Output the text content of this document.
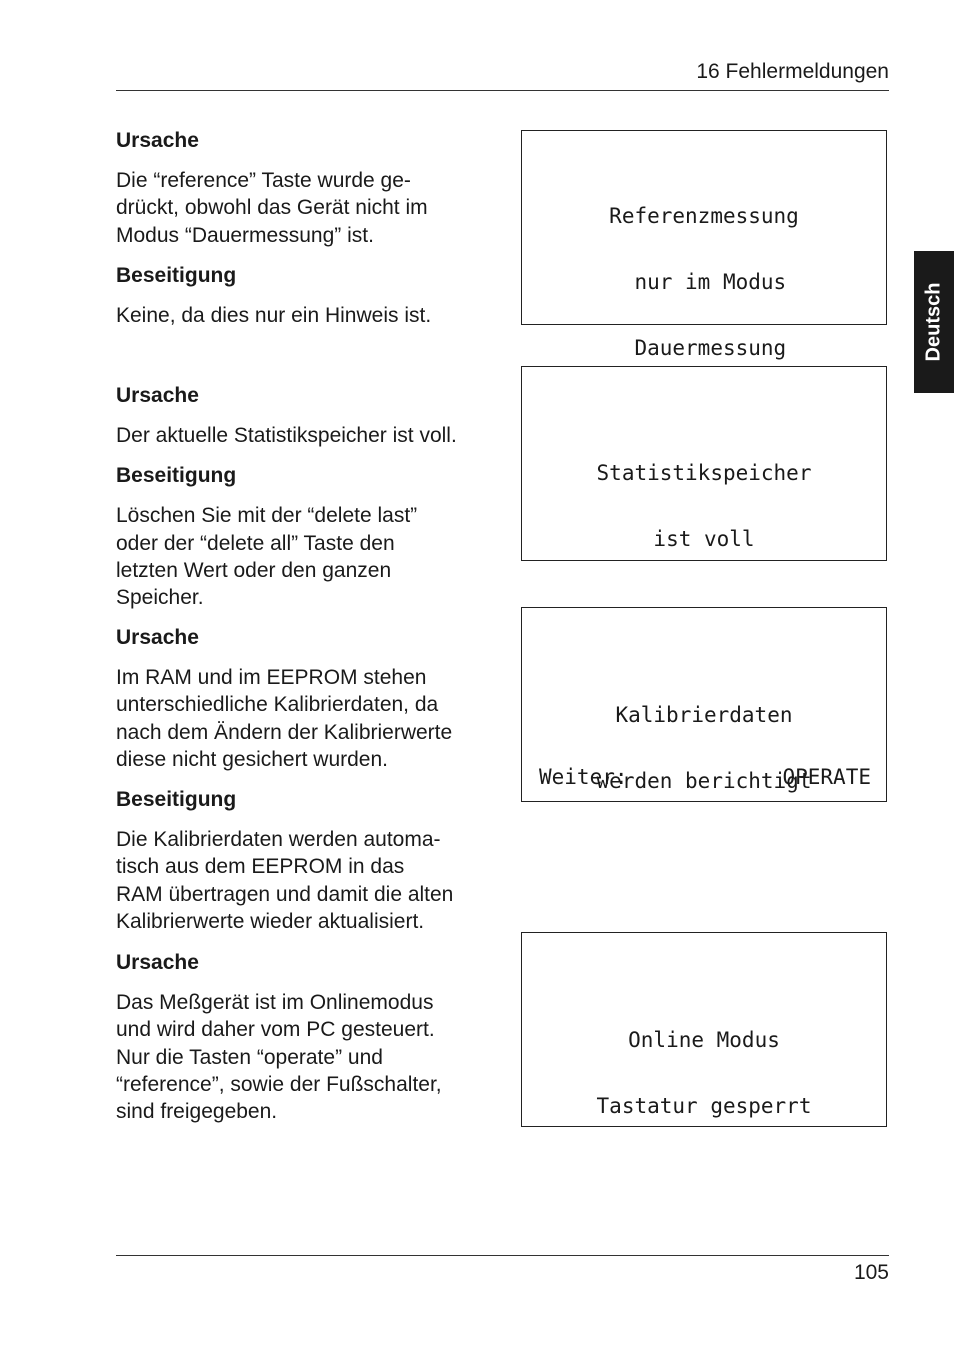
16 Fehlermeldungen
Deutsch
Ursache
Die “reference” Taste wurde ge-
drückt, obwohl das Gerät nicht im
Modus “Dauermessung” ist.
Beseitigung
Keine, da dies nur ein Hinweis ist.
Ursache
Der aktuelle Statistikspeicher ist voll.
Beseitigung
Löschen Sie mit der “delete last”
oder der “delete all” Taste den
letzten Wert oder den ganzen
Speicher.
Ursache
Im RAM und im EEPROM stehen
unterschiedliche Kalibrierdaten, da
nach dem Ändern der Kalibrierwerte
diese nicht gesichert wurden.
Beseitigung
Die Kalibrierdaten werden automa-
tisch aus dem EEPROM in das
RAM übertragen und damit die alten
Kalibrierwerte wieder aktualisiert.
Ursache
Das Meßgerät ist im Onlinemodus
und wird daher vom PC gesteuert.
Nur die Tasten “operate” und
“reference”, sowie der Fußschalter,
sind freigegeben.

Referenzmessung

nur im Modus

Dauermessung

Statistikspeicher

ist voll

Kalibrierdaten

werden berichtigt

Weiter:	OPERATE

Online Modus

Tastatur gesperrt

105
